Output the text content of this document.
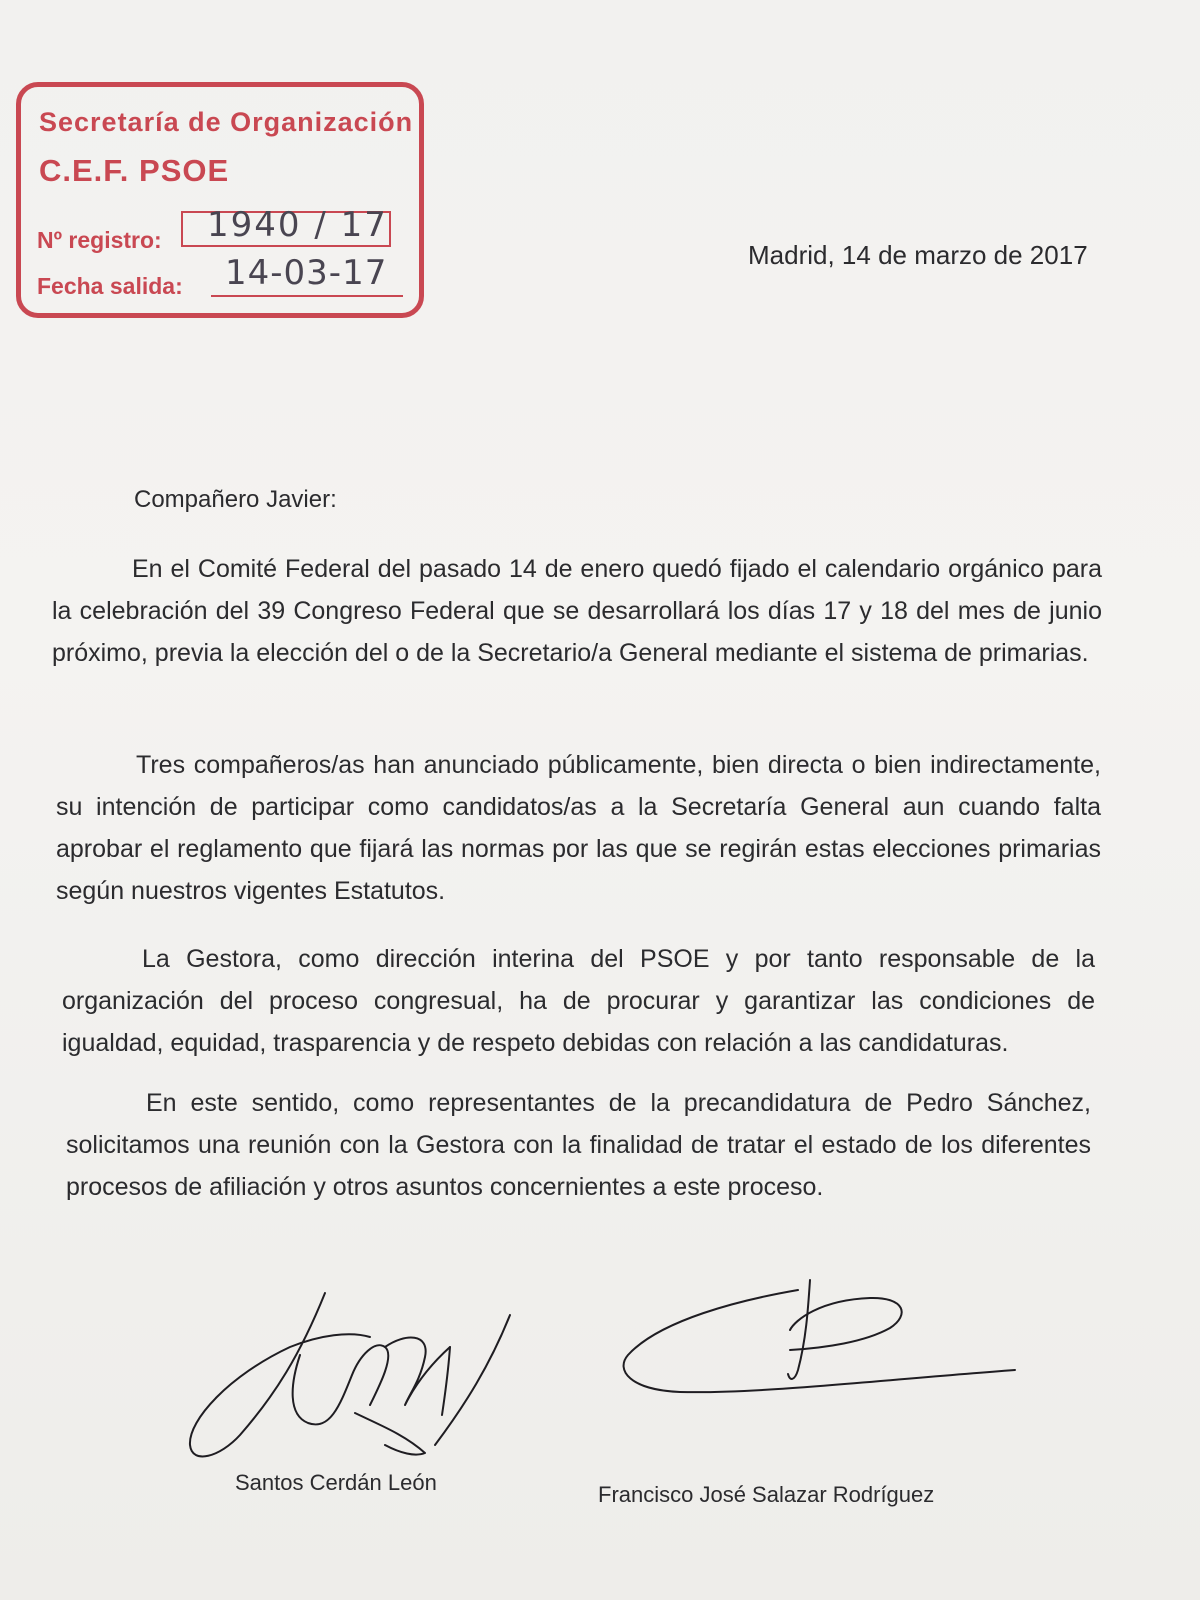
Secretaría de Organización
C.E.F. PSOE
Nº registro:
Fecha salida:
1940 / 17
14-03-17	Madrid, 14 de marzo de 2017
Compañero Javier:
En el Comité Federal del pasado 14 de enero quedó fijado el calendario orgánico para la celebración del 39 Congreso Federal que se desarrollará los días 17 y 18 del mes de junio próximo, previa la elección del o de la Secretario/a General mediante el sistema de primarias.
Tres compañeros/as han anunciado públicamente, bien directa o bien indirectamente, su intención de participar como candidatos/as a la Secretaría General aun cuando falta aprobar el reglamento que fijará las normas por las que se regirán estas elecciones primarias según nuestros vigentes Estatutos.
La Gestora, como dirección interina del PSOE y por tanto responsable de la organización del proceso congresual, ha de procurar y garantizar las condiciones de igualdad, equidad, trasparencia y de respeto debidas con relación a las candidaturas.
En este sentido, como representantes de la precandidatura de Pedro Sánchez, solicitamos una reunión con la Gestora con la finalidad de tratar el estado de los diferentes procesos de afiliación y otros asuntos concernientes a este proceso.
Santos Cerdán León	Francisco José Salazar Rodríguez
